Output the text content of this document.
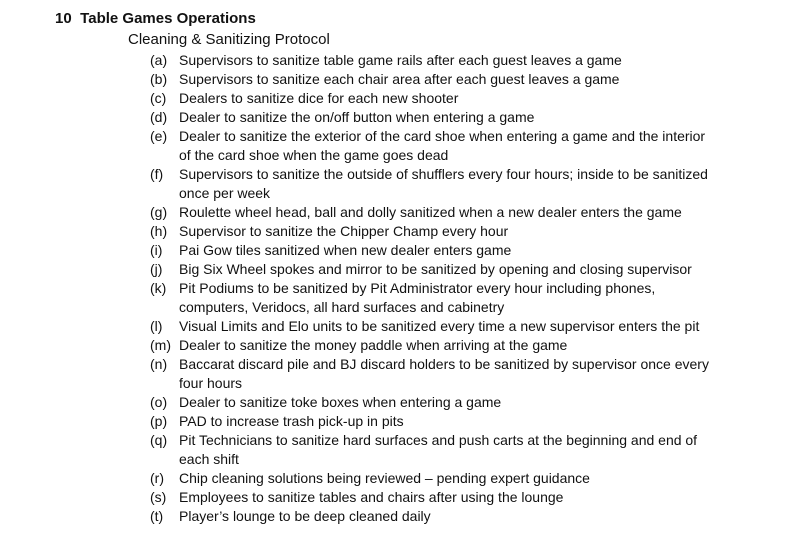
10 Table Games Operations
Cleaning & Sanitizing Protocol
(a) Supervisors to sanitize table game rails after each guest leaves a game
(b) Supervisors to sanitize each chair area after each guest leaves a game
(c) Dealers to sanitize dice for each new shooter
(d) Dealer to sanitize the on/off button when entering a game
(e) Dealer to sanitize the exterior of the card shoe when entering a game and the interior of the card shoe when the game goes dead
(f)	Supervisors to sanitize the outside of shufflers every four hours; inside to be sanitized once per week
(g) Roulette wheel head, ball and dolly sanitized when a new dealer enters the game
(h) Supervisor to sanitize the Chipper Champ every hour
(i)	Pai Gow tiles sanitized when new dealer enters game
(j)	Big Six Wheel spokes and mirror to be sanitized by opening and closing supervisor
(k) Pit Podiums to be sanitized by Pit Administrator every hour including phones, computers, Veridocs, all hard surfaces and cabinetry
(l)	Visual Limits and Elo units to be sanitized every time a new supervisor enters the pit
(m) Dealer to sanitize the money paddle when arriving at the game
(n) Baccarat discard pile and BJ discard holders to be sanitized by supervisor once every four hours
(o) Dealer to sanitize toke boxes when entering a game
(p) PAD to increase trash pick-up in pits
(q) Pit Technicians to sanitize hard surfaces and push carts at the beginning and end of each shift
(r)	Chip cleaning solutions being reviewed – pending expert guidance
(s) Employees to sanitize tables and chairs after using the lounge
(t)	Player’s lounge to be deep cleaned daily
